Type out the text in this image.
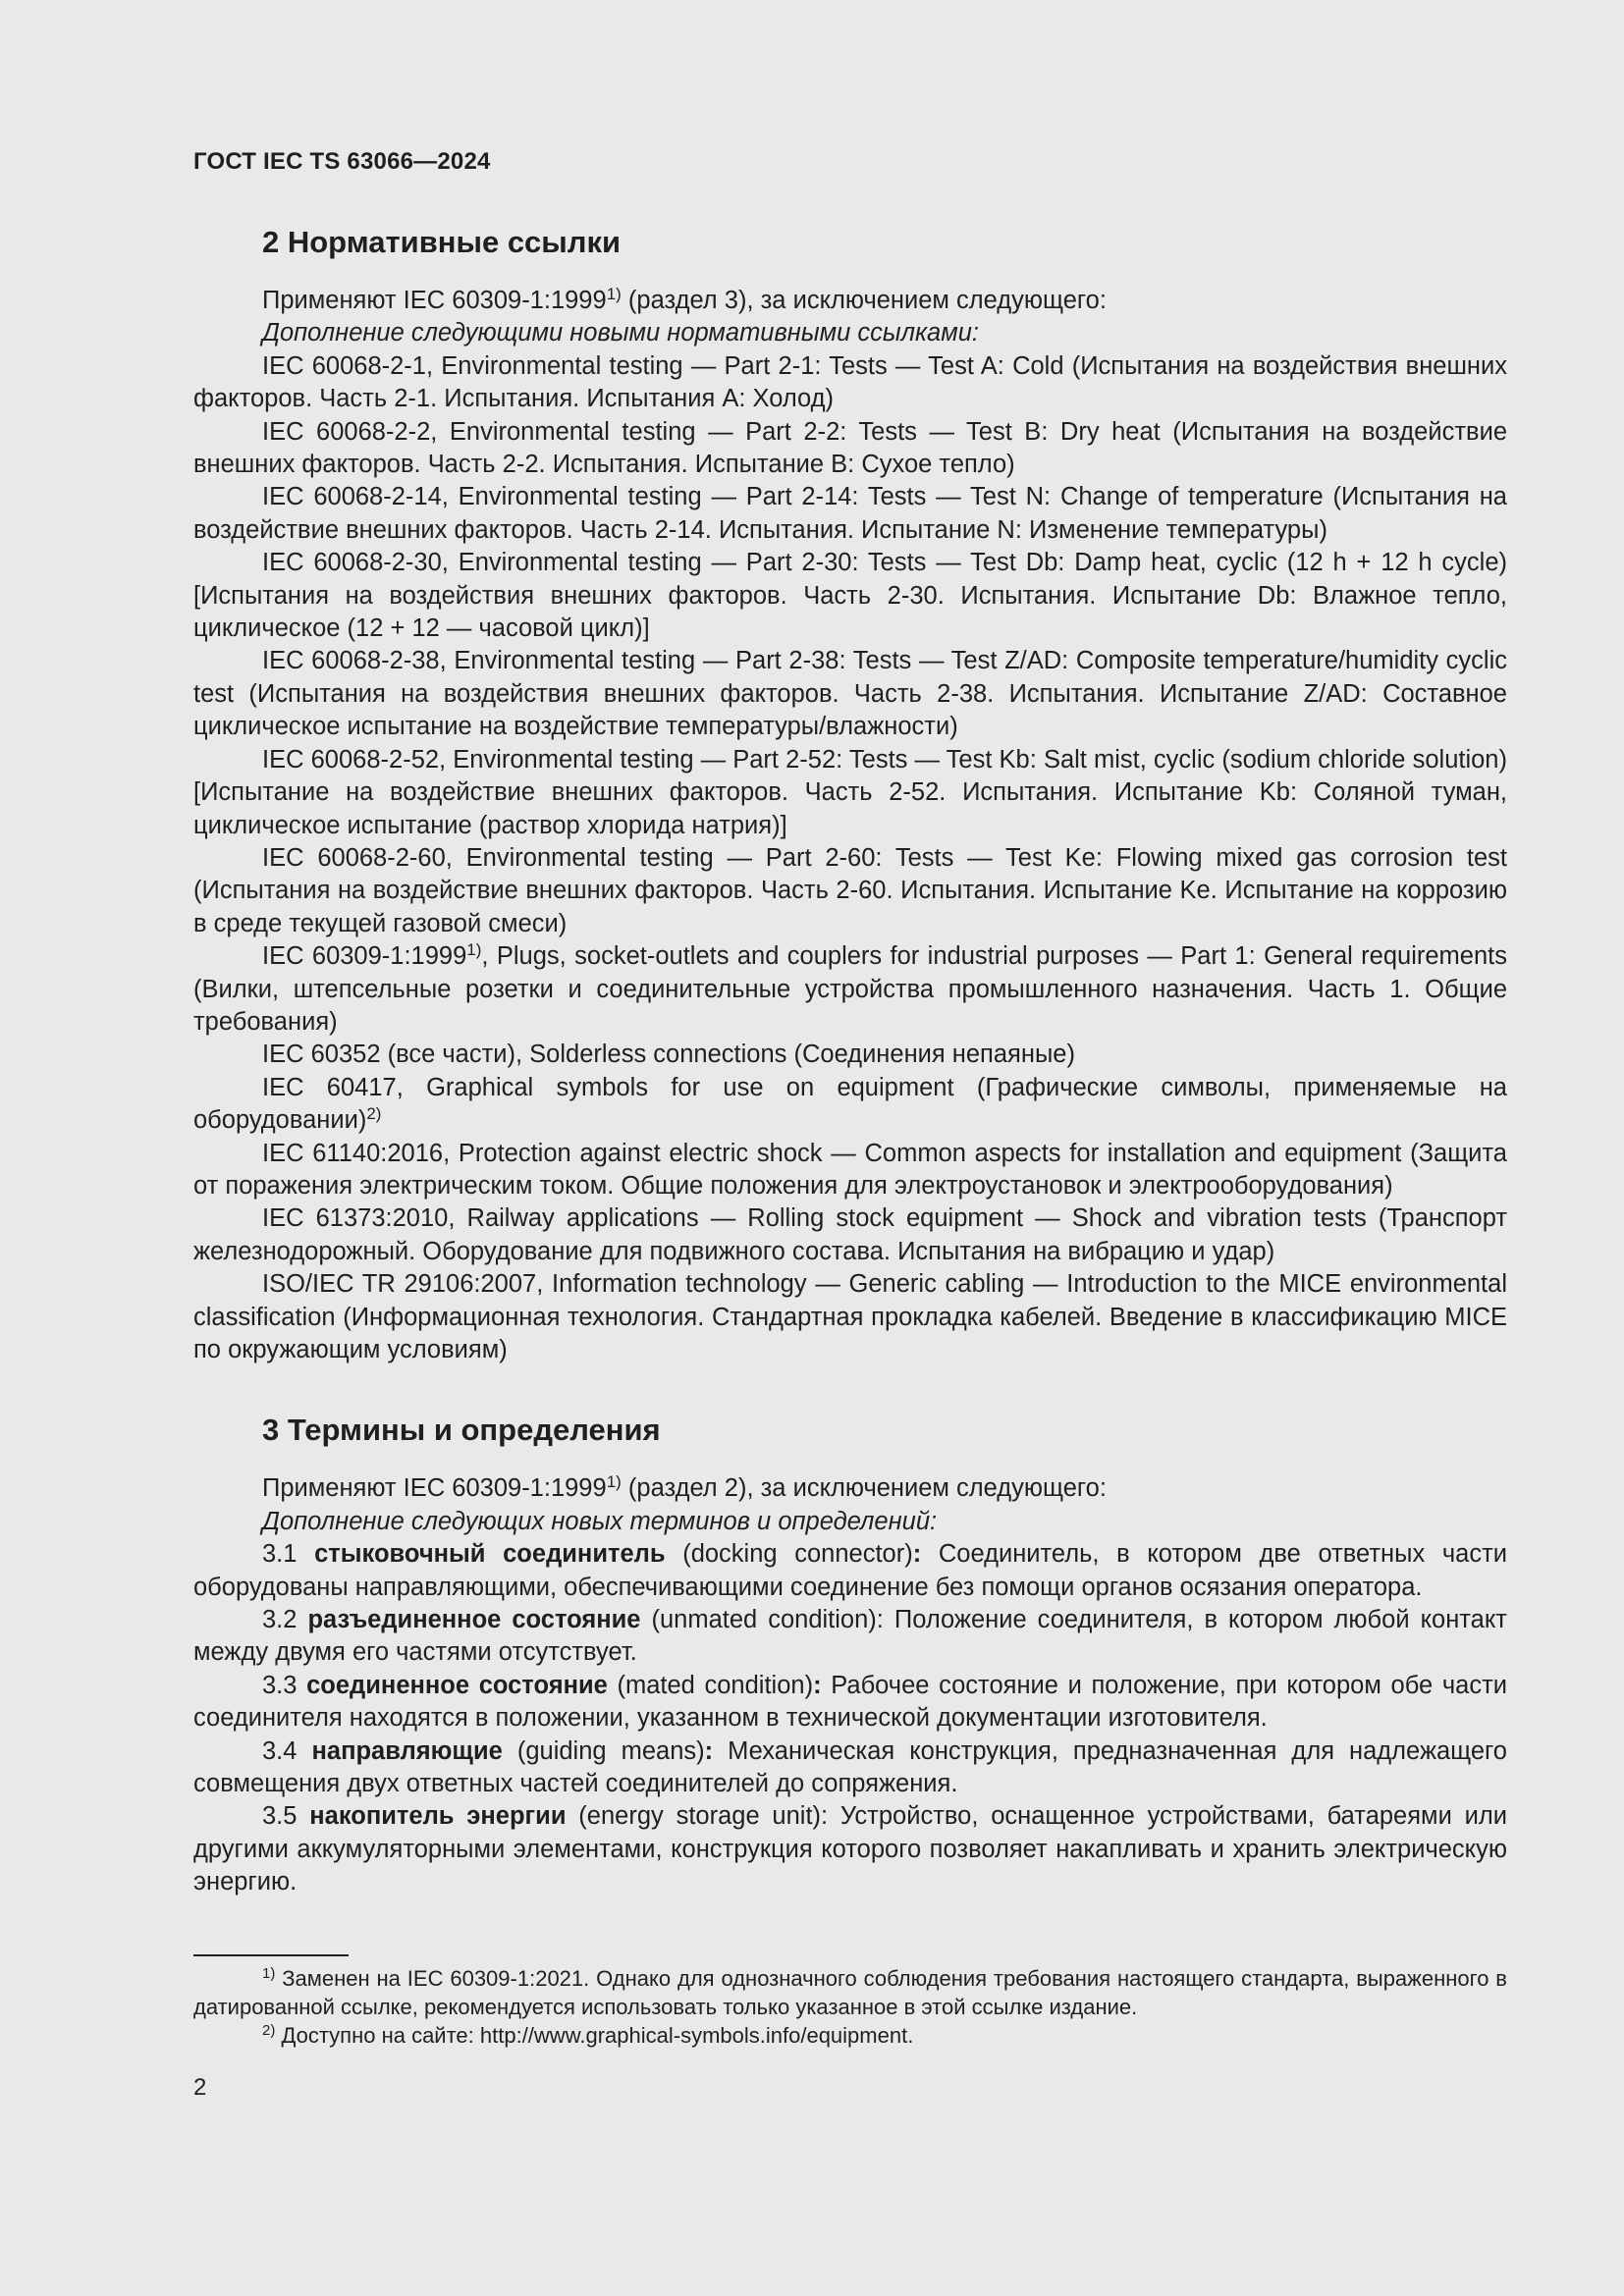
ГОСТ IEC TS 63066—2024
2 Нормативные ссылки

Применяют IEC 60309-1:1999$^{1)}$ (раздел 3), за исключением следующего:

Дополнение следующими новыми нормативными ссылками:

IEC 60068-2-1, Environmental testing — Part 2-1: Tests — Test A: Cold (Испытания на воздействия внешних факторов. Часть 2-1. Испытания. Испытания А: Холод)

IEC 60068-2-2, Environmental testing — Part 2-2: Tests — Test B: Dry heat (Испытания на воздействие внешних факторов. Часть 2-2. Испытания. Испытание B: Сухое тепло)

IEC 60068-2-14, Environmental testing — Part 2-14: Tests — Test N: Change of temperature (Испытания на воздействие внешних факторов. Часть 2-14. Испытания. Испытание N: Изменение температуры)

IEC 60068-2-30, Environmental testing — Part 2-30: Tests — Test Db: Damp heat, cyclic (12 h + 12 h cycle) [Испытания на воздействия внешних факторов. Часть 2-30. Испытания. Испытание Db: Влажное тепло, циклическое (12 + 12 — часовой цикл)]

IEC 60068-2-38, Environmental testing — Part 2-38: Tests — Test Z/AD: Composite temperature/humidity cyclic test (Испытания на воздействия внешних факторов. Часть 2-38. Испытания. Испытание Z/AD: Составное циклическое испытание на воздействие температуры/влажности)

IEC 60068-2-52, Environmental testing — Part 2-52: Tests — Test Kb: Salt mist, cyclic (sodium chloride solution) [Испытание на воздействие внешних факторов. Часть 2-52. Испытания. Испытание Kb: Соляной туман, циклическое испытание (раствор хлорида натрия)]

IEC 60068-2-60, Environmental testing — Part 2-60: Tests — Test Ke: Flowing mixed gas corrosion test (Испытания на воздействие внешних факторов. Часть 2-60. Испытания. Испытание Ke. Испытание на коррозию в среде текущей газовой смеси)

IEC 60309-1:1999$^{1)}$, Plugs, socket-outlets and couplers for industrial purposes — Part 1: General requirements (Вилки, штепсельные розетки и соединительные устройства промышленного назначения. Часть 1. Общие требования)

IEC 60352 (все части), Solderless connections (Соединения непаяные)

IEC 60417, Graphical symbols for use on equipment (Графические символы, применяемые на оборудовании)$^{2)}$

IEC 61140:2016, Protection against electric shock — Common aspects for installation and equipment (Защита от поражения электрическим током. Общие положения для электроустановок и электрооборудования)

IEC 61373:2010, Railway applications — Rolling stock equipment — Shock and vibration tests (Транспорт железнодорожный. Оборудование для подвижного состава. Испытания на вибрацию и удар)

ISO/IEC TR 29106:2007, Information technology — Generic cabling — Introduction to the MICE environmental classification (Информационная технология. Стандартная прокладка кабелей. Введение в классификацию MICE по окружающим условиям)

3 Термины и определения

Применяют IEC 60309-1:1999$^{1)}$ (раздел 2), за исключением следующего:

Дополнение следующих новых терминов и определений:

3.1 стыковочный соединитель (docking connector): Соединитель, в котором две ответных части оборудованы направляющими, обеспечивающими соединение без помощи органов осязания оператора.

3.2 разъединенное состояние (unmated condition): Положение соединителя, в котором любой контакт между двумя его частями отсутствует.

3.3 соединенное состояние (mated condition): Рабочее состояние и положение, при котором обе части соединителя находятся в положении, указанном в технической документации изготовителя.

3.4 направляющие (guiding means): Механическая конструкция, предназначенная для надлежащего совмещения двух ответных частей соединителей до сопряжения.

3.5 накопитель энергии (energy storage unit): Устройство, оснащенное устройствами, батареями или другими аккумуляторными элементами, конструкция которого позволяет накапливать и хранить электрическую энергию.

$^{1)}$ Заменен на IEC 60309-1:2021. Однако для однозначного соблюдения требования настоящего стандарта, выраженного в датированной ссылке, рекомендуется использовать только указанное в этой ссылке издание.

$^{2)}$ Доступно на сайте: http://www.graphical-symbols.info/equipment.

2
